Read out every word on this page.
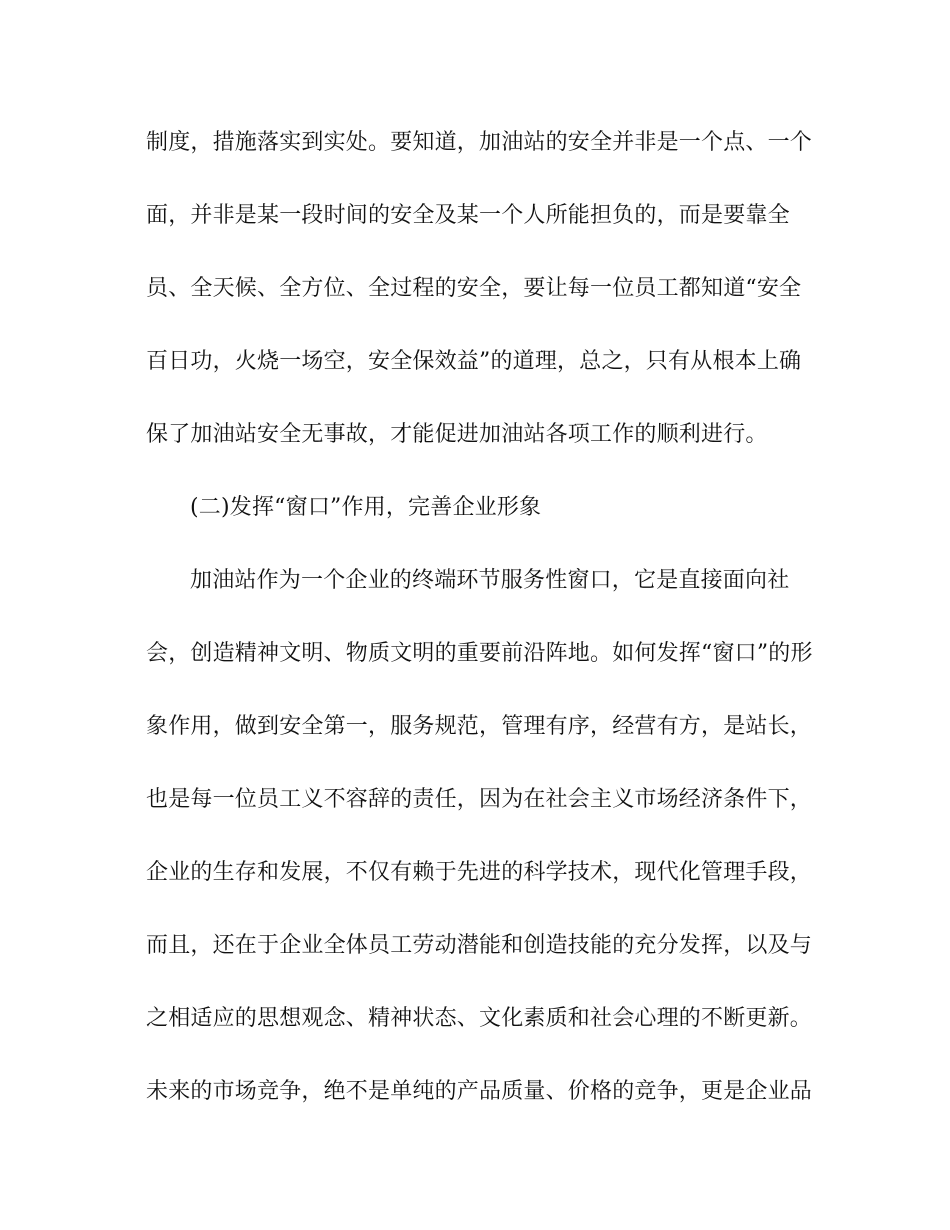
制度，措施落实到实处。要知道，加油站的安全并非是一个点、一个
面，并非是某一段时间的安全及某一个人所能担负的，而是要靠全
员、全天候、全方位、全过程的安全，要让每一位员工都知道“安全
百日功，火烧一场空，安全保效益”的道理，总之，只有从根本上确
保了加油站安全无事故，才能促进加油站各项工作的顺利进行。
(二)发挥“窗口”作用，完善企业形象
加油站作为一个企业的终端环节服务性窗口，它是直接面向社
会，创造精神文明、物质文明的重要前沿阵地。如何发挥“窗口”的形
象作用，做到安全第一，服务规范，管理有序，经营有方，是站长，
也是每一位员工义不容辞的责任，因为在社会主义市场经济条件下，
企业的生存和发展，不仅有赖于先进的科学技术，现代化管理手段，
而且，还在于企业全体员工劳动潜能和创造技能的充分发挥，以及与
之相适应的思想观念、精神状态、文化素质和社会心理的不断更新。
未来的市场竞争，绝不是单纯的产品质量、价格的竞争，更是企业品
